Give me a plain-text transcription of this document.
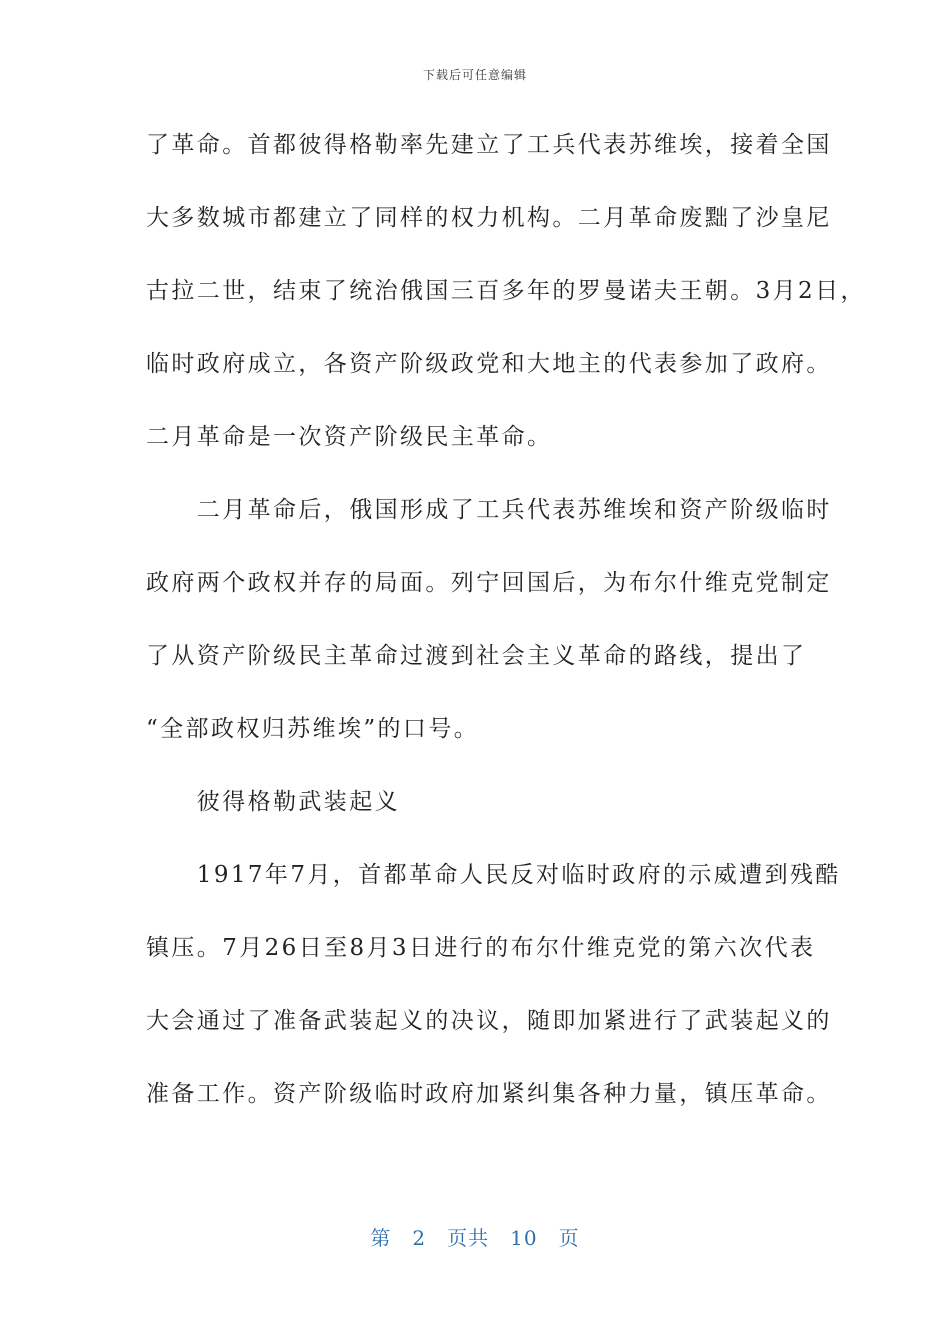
下载后可任意编辑
了革命。首都彼得格勒率先建立了工兵代表苏维埃，接着全国
大多数城市都建立了同样的权力机构。二月革命废黜了沙皇尼
古拉二世，结束了统治俄国三百多年的罗曼诺夫王朝。3月2日，
临时政府成立，各资产阶级政党和大地主的代表参加了政府。
二月革命是一次资产阶级民主革命。
　　二月革命后，俄国形成了工兵代表苏维埃和资产阶级临时
政府两个政权并存的局面。列宁回国后，为布尔什维克党制定
了从资产阶级民主革命过渡到社会主义革命的路线，提出了
“全部政权归苏维埃”的口号。
　　彼得格勒武装起义
　　1917年7月，首都革命人民反对临时政府的示威遭到残酷
镇压。7月26日至8月3日进行的布尔什维克党的第六次代表
大会通过了准备武装起义的决议，随即加紧进行了武装起义的
准备工作。资产阶级临时政府加紧纠集各种力量，镇压革命。
第　2　页共　10　页
